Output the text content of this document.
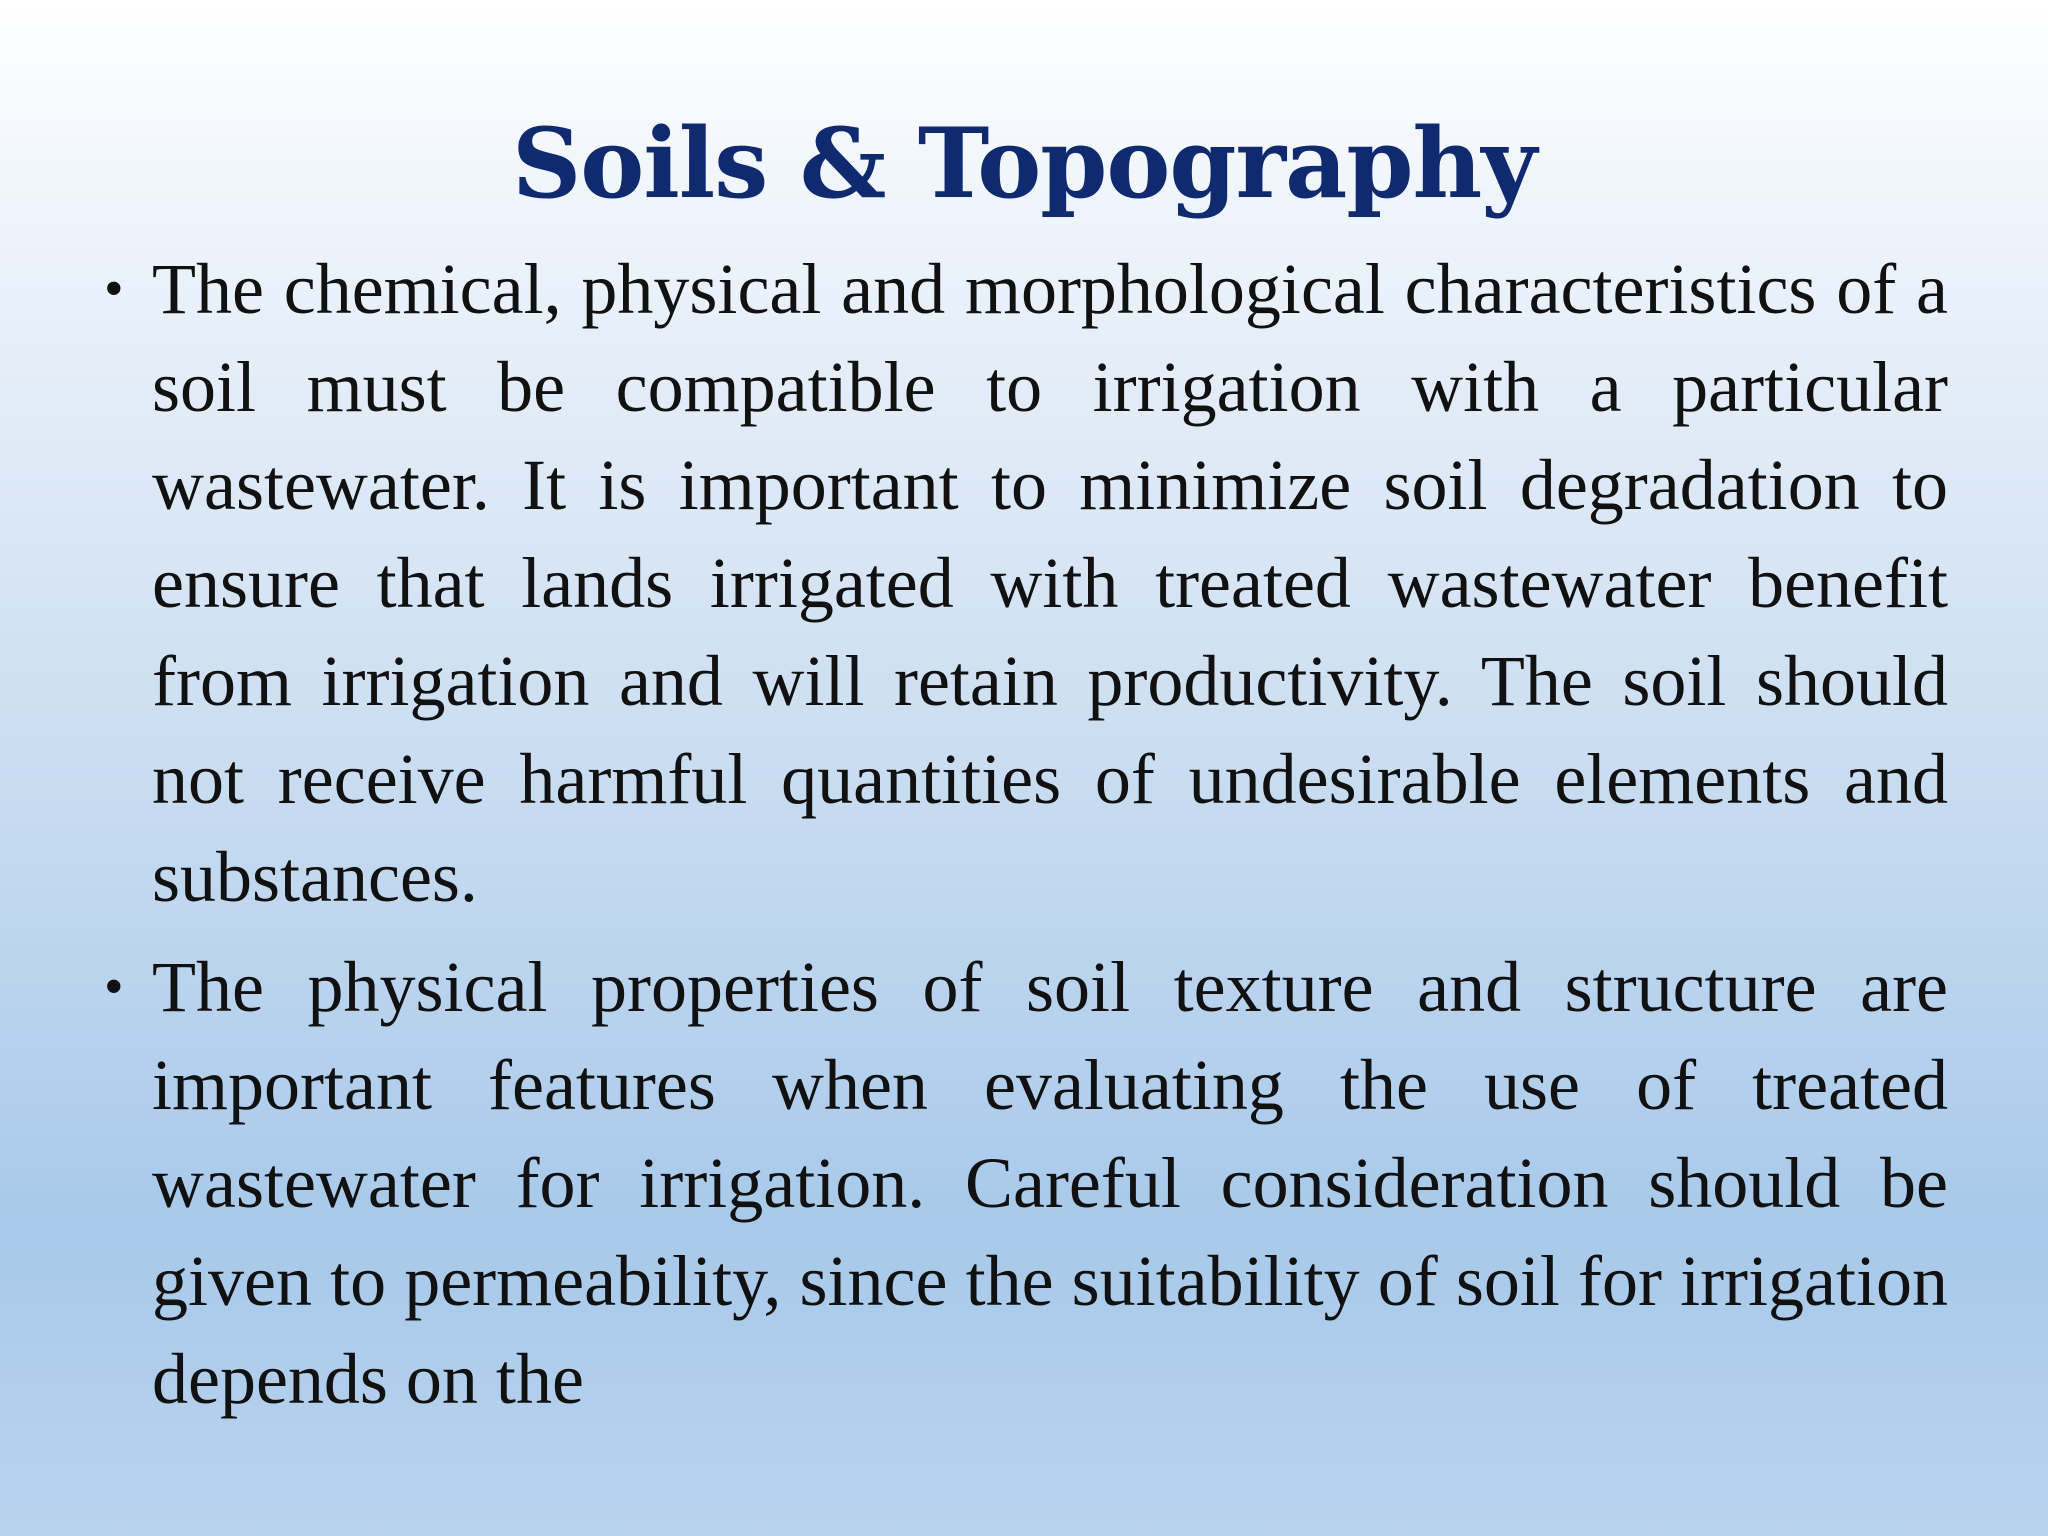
Soils & Topography
• The chemical, physical and morphological characteristics of a soil must be compatible to irrigation with a particular wastewater. It is important to minimize soil degradation to ensure that lands irrigated with treated wastewater benefit from irrigation and will retain productivity. The soil should not receive harmful quantities of undesirable elements and substances.
• The physical properties of soil texture and structure are important features when evaluating the use of treated wastewater for irrigation. Careful consideration should be given to permeability, since the suitability of soil for irrigation depends on the
